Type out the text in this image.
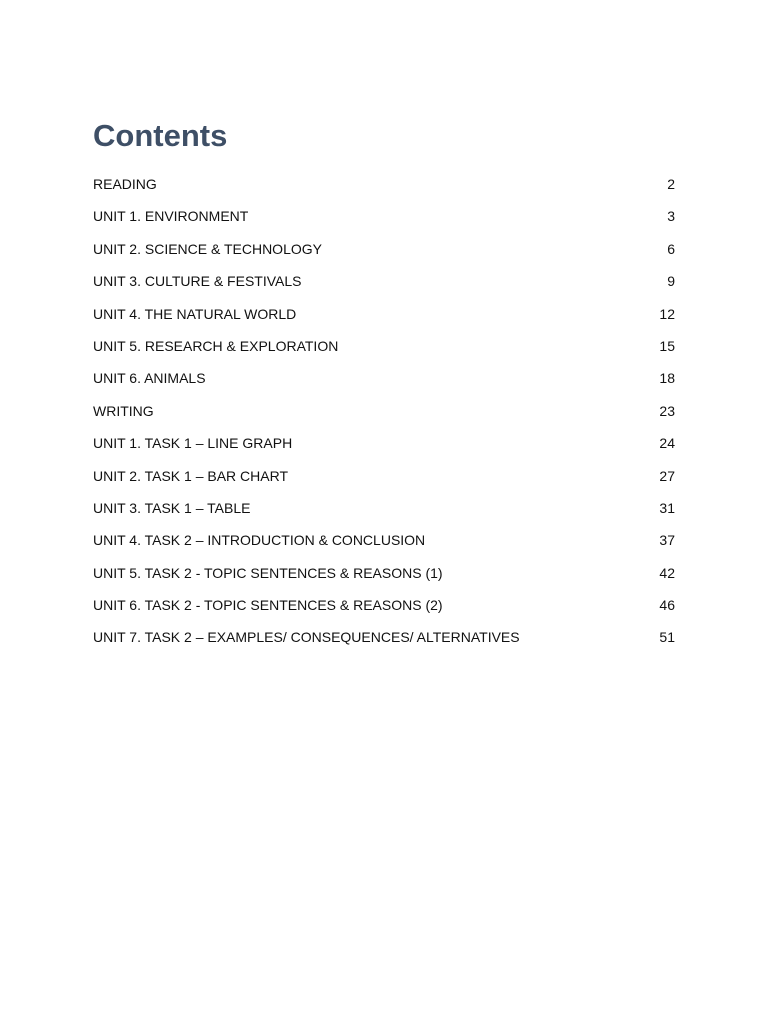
Contents
READING	2
UNIT 1. ENVIRONMENT	3
UNIT 2. SCIENCE & TECHNOLOGY	6
UNIT 3. CULTURE & FESTIVALS	9
UNIT 4. THE NATURAL WORLD	12
UNIT 5. RESEARCH & EXPLORATION	15
UNIT 6. ANIMALS	18
WRITING	23
UNIT 1. TASK 1 – LINE GRAPH	24
UNIT 2. TASK 1 – BAR CHART	27
UNIT 3. TASK 1 – TABLE	31
UNIT 4. TASK 2 – INTRODUCTION & CONCLUSION	37
UNIT 5. TASK 2 - TOPIC SENTENCES & REASONS (1)	42
UNIT 6. TASK 2 - TOPIC SENTENCES & REASONS (2)	46
UNIT 7. TASK 2 – EXAMPLES/ CONSEQUENCES/ ALTERNATIVES	51
